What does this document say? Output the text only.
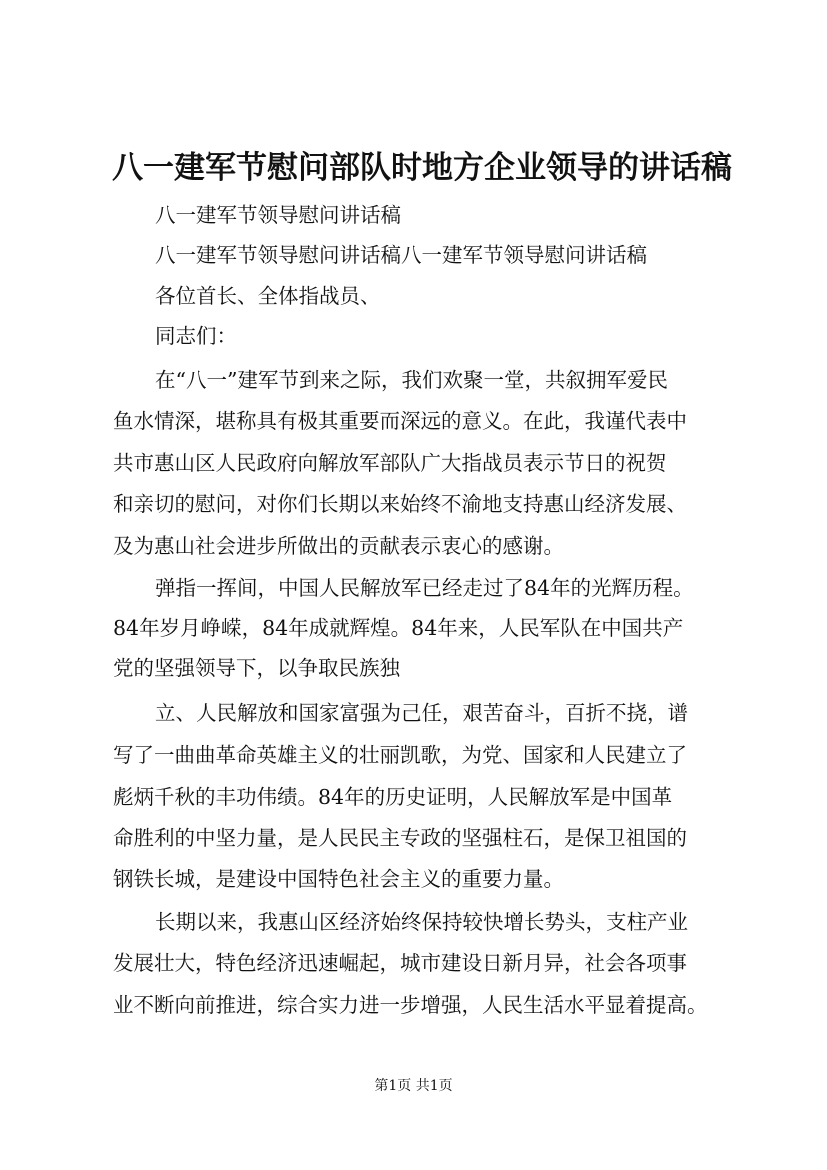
八一建军节慰问部队时地方企业领导的讲话稿
八一建军节领导慰问讲话稿
八一建军节领导慰问讲话稿八一建军节领导慰问讲话稿
各位首长、全体指战员、
同志们：
在“八一”建军节到来之际，我们欢聚一堂，共叙拥军爱民
鱼水情深，堪称具有极其重要而深远的意义。在此，我谨代表中
共市惠山区人民政府向解放军部队广大指战员表示节日的祝贺
和亲切的慰问，对你们长期以来始终不渝地支持惠山经济发展、
及为惠山社会进步所做出的贡献表示衷心的感谢。
弹指一挥间，中国人民解放军已经走过了84年的光辉历程。
84年岁月峥嵘，84年成就辉煌。84年来，人民军队在中国共产
党的坚强领导下，以争取民族独
立、人民解放和国家富强为己任，艰苦奋斗，百折不挠，谱
写了一曲曲革命英雄主义的壮丽凯歌，为党、国家和人民建立了
彪炳千秋的丰功伟绩。84年的历史证明，人民解放军是中国革
命胜利的中坚力量，是人民民主专政的坚强柱石，是保卫祖国的
钢铁长城，是建设中国特色社会主义的重要力量。
长期以来，我惠山区经济始终保持较快增长势头，支柱产业
发展壮大，特色经济迅速崛起，城市建设日新月异，社会各项事
业不断向前推进，综合实力进一步增强，人民生活水平显着提高。
第1页 共1页
